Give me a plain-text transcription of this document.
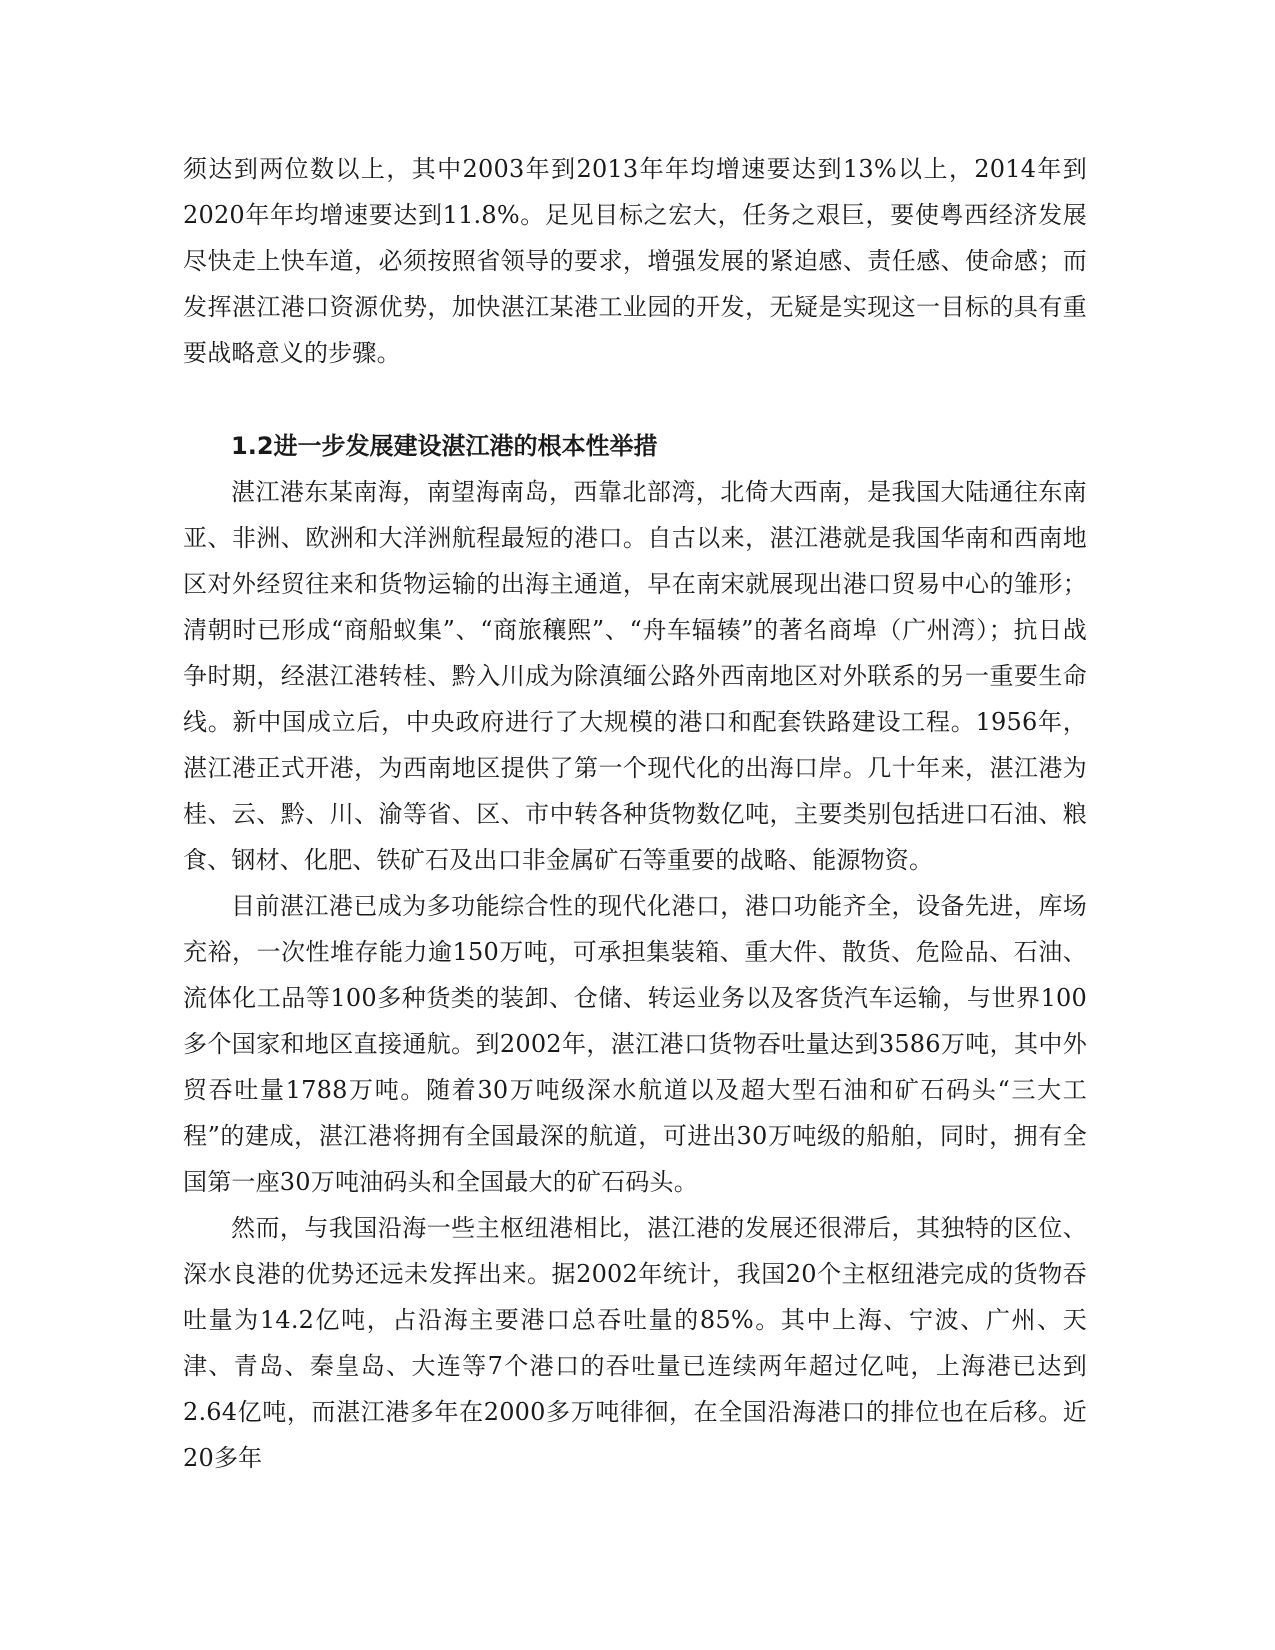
须达到两位数以上，其中2003年到2013年年均增速要达到13%以上，2014年到2020年年均增速要达到11.8%。足见目标之宏大，任务之艰巨，要使粤西经济发展尽快走上快车道，必须按照省领导的要求，增强发展的紧迫感、责任感、使命感；而发挥湛江港口资源优势，加快湛江某港工业园的开发，无疑是实现这一目标的具有重要战略意义的步骤。

1.2进一步发展建设湛江港的根本性举措

湛江港东某南海，南望海南岛，西靠北部湾，北倚大西南，是我国大陆通往东南亚、非洲、欧洲和大洋洲航程最短的港口。自古以来，湛江港就是我国华南和西南地区对外经贸往来和货物运输的出海主通道，早在南宋就展现出港口贸易中心的雏形；清朝时已形成“商船蚁集”、“商旅穰熙”、“舟车辐辏”的著名商埠（广州湾）；抗日战争时期，经湛江港转桂、黔入川成为除滇缅公路外西南地区对外联系的另一重要生命线。新中国成立后，中央政府进行了大规模的港口和配套铁路建设工程。1956年，湛江港正式开港，为西南地区提供了第一个现代化的出海口岸。几十年来，湛江港为桂、云、黔、川、渝等省、区、市中转各种货物数亿吨，主要类别包括进口石油、粮食、钢材、化肥、铁矿石及出口非金属矿石等重要的战略、能源物资。

目前湛江港已成为多功能综合性的现代化港口，港口功能齐全，设备先进，库场充裕，一次性堆存能力逾150万吨，可承担集装箱、重大件、散货、危险品、石油、流体化工品等100多种货类的装卸、仓储、转运业务以及客货汽车运输，与世界100多个国家和地区直接通航。到2002年，湛江港口货物吞吐量达到3586万吨，其中外贸吞吐量1788万吨。随着30万吨级深水航道以及超大型石油和矿石码头“三大工程”的建成，湛江港将拥有全国最深的航道，可进出30万吨级的船舶，同时，拥有全国第一座30万吨油码头和全国最大的矿石码头。

然而，与我国沿海一些主枢纽港相比，湛江港的发展还很滞后，其独特的区位、深水良港的优势还远未发挥出来。据2002年统计，我国20个主枢纽港完成的货物吞吐量为14.2亿吨，占沿海主要港口总吞吐量的85%。其中上海、宁波、广州、天津、青岛、秦皇岛、大连等7个港口的吞吐量已连续两年超过亿吨，上海港已达到2.64亿吨，而湛江港多年在2000多万吨徘徊，在全国沿海港口的排位也在后移。近20多年
